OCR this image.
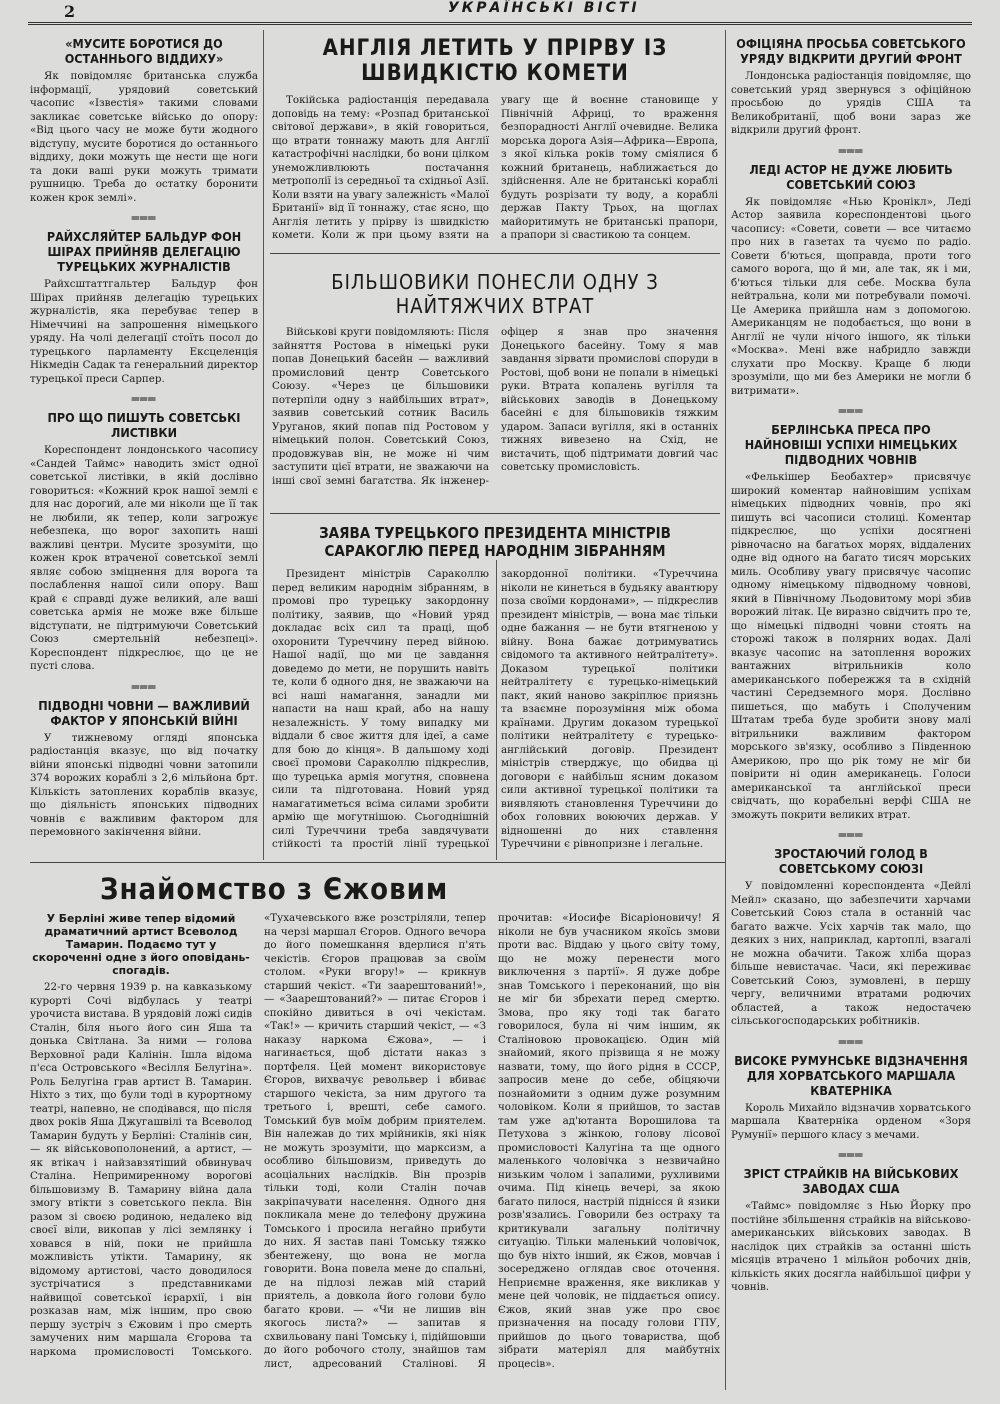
2	УКРАЇНСЬКІ ВІСТІ
«МУСИТЕ БОРОТИСЯ ДО ОСТАННЬОГО ВІДДИХУ»

Як повідомляє британська служба інформації, урядовий советський часопис «Ізвестія» такими словами закликає советське військо до опору: «Від цього часу не може бути жодного відступу, мусите боротися до останнього віддиху, доки можуть ще нести ще ноги та доки ваші руки можуть тримати рушницю. Треба до остатку боронити кожен крок землі».

═══
РАЙХСЛЯЙТЕР БАЛЬДУР ФОН ШІРАХ ПРИЙНЯВ ДЕЛЕГАЦІЮ ТУРЕЦЬКИХ ЖУРНАЛІСТІВ

Райхсштаттгальтер Бальдур фон Шірах прийняв делегацію турецьких журналістів, яка перебуває тепер в Німеччині на запрошення німецького уряду. На чолі делегації стоїть посол до турецького парламенту Ексцеленція Нікмедін Садак та генеральний директор турецької преси Сарпер.

═══
ПРО ЩО ПИШУТЬ СОВЕТСЬКІ ЛИСТІВКИ

Кореспондент лондонського часопису «Сандей Таймс» наводить зміст одної советської листівки, в якій дослівно говориться: «Кожний крок нашої землі є для нас дорогий, але ми ніколи ще її так не любили, як тепер, коли загрожує небезпека, що ворог захопить наші важливі центри. Мусите зрозуміти, що кожен крок втраченої советської землі являє собою зміцнення для ворога та послаблення нашої сили опору. Ваш край є справді дуже великий, але ваші советська армія не може вже більше відступати, не підтримуючи Советський Союз смертельній небезпеці». Кореспондент підкреслює, що це не пусті слова.

═══
ПІДВОДНІ ЧОВНИ — ВАЖЛИВИЙ ФАКТОР У ЯПОНСЬКІЙ ВІЙНІ

У тижневому огляді японська радіостанція вказує, що від початку війни японські підводні човни затопили 374 ворожих кораблі з 2,6 мільйона брт. Кількість затоплених кораблів вказує, що діяльність японських підводних човнів є важливим фактором для перемовного закінчення війни.

АНГЛІЯ ЛЕТИТЬ У ПРІРВУ ІЗ ШВИДКІСТЮ КОМЕТИ

Токійська радіостанція передавала доповідь на тему: «Розпад британської світової держави», в якій говориться, що втрати тоннажу мають для Англії катастрофічні наслідки, бо вони цілком унеможливлюють постачання метрополії із середньої та східньої Азії. Коли взяти на увагу залежність «Малої Британії» від її тоннажу, стає ясно, що Англія летить у прірву із швидкістю комети. Коли ж при цьому взяти на увагу ще й воєнне становище у Північній Африці, то враження безпорадності Англії очевидне. Велика морська дорога Азія—Африка—Европа, з якої кілька років тому сміялися б кожний британець, наближається до здійснення. Але не британські кораблі будуть розрізати ту воду, а кораблі держав Пакту Трьох, на щоглах майоритимуть не британські прапори, а прапори зі свастикою та сонцем.

БІЛЬШОВИКИ ПОНЕСЛИ ОДНУ З НАЙТЯЖЧИХ ВТРАТ

Військові круги повідомляють: Після зайняття Ростова в німецькі руки попав Донецький басейн — важливий промисловий центр Советського Союзу. «Через це більшовики потерпіли одну з найбільших втрат», заявив советський сотник Василь Уруганов, який попав під Ростовом у німецький полон. Советський Союз, продовжував він, не може ні чим заступити цієї втрати, не зважаючи на інші свої земні багатства. Як інженер-офіцер я знав про значення Донецького басейну. Тому я мав завдання зірвати промислові споруди в Ростові, щоб вони не попали в німецькі руки. Втрата копалень вугілля та військових заводів в Донецькому басейні є для більшовиків тяжким ударом. Запаси вугілля, які в останніх тижнях вивезено на Схід, не вистачить, щоб підтримати довгий час советську промисловість.

ЗАЯВА ТУРЕЦЬКОГО ПРЕЗИДЕНТА МІНІСТРІВ САРАКОГЛЮ ПЕРЕД НАРОДНІМ ЗІБРАННЯМ

Президент міністрів Сараколлю перед великим народнім зібранням, в промові про турецьку закордонну політику, заявив, що «Новий уряд докладає всіх сил та праці, щоб охоронити Туреччину перед війною. Нашої надії, що ми це завдання доведемо до мети, не порушить навіть те, коли б одного дня, не зважаючи на всі наші намагання, занадли ми напасти на наш край, або на нашу незалежність. У тому випадку ми віддали б своє життя для ідеї, а саме для бою до кінця». В дальшому ході своєї промови Сараколлю підкреслив, що турецька армія могутня, сповнена сили та підготована. Новий уряд намагатиметься всіма силами зробити армію ще могутнішою. Сьогоднішній силі Туреччини треба завдячувати стійкості та простій лінії турецької закордонної політики. «Туреччина ніколи не кинеться в будьяку авантюру поза своїми кордонами», — підкреслив президент міністрів, — вона має тільки одне бажання — не бути втягненою у війну. Вона бажає дотримуватись свідомого та активного нейтралітету». Доказом турецької політики нейтралітету є турецько-німецький пакт, який наново закріплює приязнь та взаємне порозуміння між обома країнами. Другим доказом турецької політики нейтралітету є турецько-англійський договір. Президент міністрів стверджує, що обидва ці договори є найбільш ясним доказом сили активної турецької політики та виявляють становлення Туреччини до обох головних воюючих держав. У відношенні до них ставлення Туреччини є рівнопризне і легальне.

ОФІЦІЯНА ПРОСЬБА СОВЕТСЬКОГО УРЯДУ ВІДКРИТИ ДРУГИЙ ФРОНТ

Лондонська радіостанція повідомляє, що советський уряд звернувся з офіційною просьбою до урядів США та Великобританії, щоб вони зараз же відкрили другий фронт.

═══
ЛЕДІ АСТОР НЕ ДУЖЕ ЛЮБИТЬ СОВЕТСЬКИЙ СОЮЗ

Як повідомляє «Нью Кронікл», Леді Астор заявила кореспондентові цього часопису: «Совети, совети — все читаємо про них в газетах та чуємо по радіо. Совети б'ються, щоправда, проти того самого ворога, що й ми, але так, як і ми, б'ються тільки для себе. Москва була нейтральна, коли ми потребували помочі. Це Америка прийшла нам з допомогою. Американцям не подобається, що вони в Англії не чули нічого іншого, як тільки «Москва». Мені вже набридло завжди слухати про Москву. Краще б люди зрозуміли, що ми без Америки не могли б витримати».

═══
БЕРЛІНСЬКА ПРЕСА ПРО НАЙНОВІШІ УСПІХИ НІМЕЦЬКИХ ПІДВОДНИХ ЧОВНІВ

«Фелькішер Беобахтер» присвячує широкий коментар найновішим успіхам німецьких підводних човнів, про які пишуть всі часописи столиці. Коментар підкреслює, що успіхи досягнені рівночасно на багатьох морях, віддалених одне від одного на багато тисяч морських миль. Особливу увагу присвячує часопис одному німецькому підводному човнові, який в Північному Льодовитому морі збив ворожий літак. Це виразно свідчить про те, що німецькі підводні човни стоять на сторожі також в полярних водах. Далі вказує часопис на затоплення ворожих вантажних вітрильників коло американського побережжя та в східній частині Середземного моря. Дослівно пишеться, що мабуть і Сполученим Штатам треба буде зробити знову малі вітрильники важливим фактором морського зв'язку, особливо з Південною Америкою, про що рік тому не міг би повірити ні один американець. Голоси американської та англійської преси свідчать, що корабельні верфі США не зможуть покрити великих втрат.

═══
ЗРОСТАЮЧИЙ ГОЛОД В СОВЕТСЬКОМУ СОЮЗІ

У повідомленні кореспондента «Дейлі Мейл» сказано, що забезпечити харчами Советський Союз стала в останній час багато важче. Усіх харчів так мало, що деяких з них, наприклад, картоплі, взагалі не можна обачити. Також хліба щораз більше невистачає. Часи, які переживає Советський Союз, зумовлені, в першу чергу, величними втратами родючих областей, а також недостачею сільськогосподарських робітників.

═══
ВИСОКЕ РУМУНСЬКЕ ВІДЗНАЧЕННЯ ДЛЯ ХОРВАТСЬКОГО МАРШАЛА КВАТЕРНІКА

Король Михайло відзначив хорватського маршала Кватерніка орденом «Зоря Румунії» першого класу з мечами.

═══
ЗРІСТ СТРАЙКІВ НА ВІЙСЬКОВИХ ЗАВОДАХ США

«Таймс» повідомляє з Нью Йорку про постійне збільшення страйків на військово-американських військових заводах. В наслідок цих страйків за останні шість місяців втрачено 1 мільйон робочих днів, кількість яких досягла найбільшої цифри у човнів.

Знайомство з Єжовим

У Берліні живе тепер відомий драматичний артист Всеволод Тамарин. Подаємо тут у скороченні одне з його оповідань-спогадів.

22-го червня 1939 р. на кавказькому курорті Сочі відбулась у театрі урочиста вистава. В урядовій ложі сидів Сталін, біля нього його син Яша та донька Світлана. За ними — голова Верховної ради Калінін. Ішла відома п'єса Островського «Весілля Белугіна». Роль Белугіна грав артист В. Тамарин. Ніхто з тих, що були тоді в курортному театрі, напевно, не сподівався, що після двох років Яша Джугашвілі та Всеволод Тамарин будуть у Берліні: Сталінів син, — як військовополонений, а артист, — як втікач і найзавзятіший обвинувач Сталіна. Непримиренному ворогові більшовизму В. Тамарину війна дала змогу втікти з советського пекла. Він разом зі своєю родиною, недалеко від своєї віли, викопав у лісі землянку і ховався в ній, поки не прийшла можливість утікти. Тамарину, як відомому артистові, часто доводилося зустрічатися з представниками найвищої советської ієрархії, і він розказав нам, між іншим, про свою першу зустріч з Єжовим і про смерть замучених ним маршала Єгорова та наркома промисловості Томського. «Тухачевського вже розстріляли, тепер на черзі маршал Єгоров. Одного вечора до його помешкання вдерлися п'ять чекістів. Єгоров працював за своїм столом. «Руки вгору!» — крикнув старший чекіст. «Ти заарештований!», — «Заарештований?» — питає Єгоров і спокійно дивиться в очі чекістам. «Так!» — кричить старший чекіст, — «З наказу наркома Єжова», — і нагинається, щоб дістати наказ з портфеля. Цей момент використовує Єгоров, вихвачує револьвер і вбиває старшого чекіста, за ним другого та третього і, врешті, себе самого. Томський був моїм добрим приятелем. Він належав до тих мрійників, які ніяк не можуть зрозуміти, що марксизм, а особливо більшовизм, приведуть до асоціальних наслідків. Він прозрів тільки тоді, коли Сталін почав закріпачувати населення. Одного дня покликала мене до телефону дружина Томського і просила негайно прибути до них. Я застав пані Томську тяжко збентежену, що вона не могла говорити. Вона повела мене до спальні, де на підлозі лежав мій старий приятель, а довкола його голови було багато крови. — «Чи не лишив він якогось листа?» — запитав я схвильовану пані Томську і, підійшовши до його робочого столу, знайшов там лист, адресований Сталінові. Я прочитав: «Иосифе Вісаріоновичу! Я ніколи не був учасником якоїсь змови проти вас. Віддаю у цього світу тому, що не можу перенести мого виключення з партії». Я дуже добре знав Томського і переконаний, що він не міг би збрехати перед смертю. Змова, про яку тоді так багато говорилося, була ні чим іншим, як Сталіновою провокацією. Один мій знайомий, якого прізвища я не можу назвати, тому, що його рідня в СССР, запросив мене до себе, обіцяючи познайомити з одним дуже розумним чоловіком. Коли я прийшов, то застав там уже ад'ютанта Ворошилова та Петухова з жінкою, голову лісової промисловості Калугіна та ще одного маленького чоловічка з незвичайно низьким чолом і запалими, рухливими очима. Під кінець вечері, за якою багато пилося, настрій піднісся й язики розв'язались. Говорили без остраху та критикували загальну політичну ситуацію. Тільки маленький чоловічок, що був ніхто інший, як Єжов, мовчав і зосереджено оглядав своє оточення. Неприємне враження, яке викликав у мене цей чоловік, не піддається опису. Єжов, який знав уже про своє призначення на посаду голови ГПУ, прийшов до цього товариства, щоб зібрати матеріял для майбутніх процесів».
